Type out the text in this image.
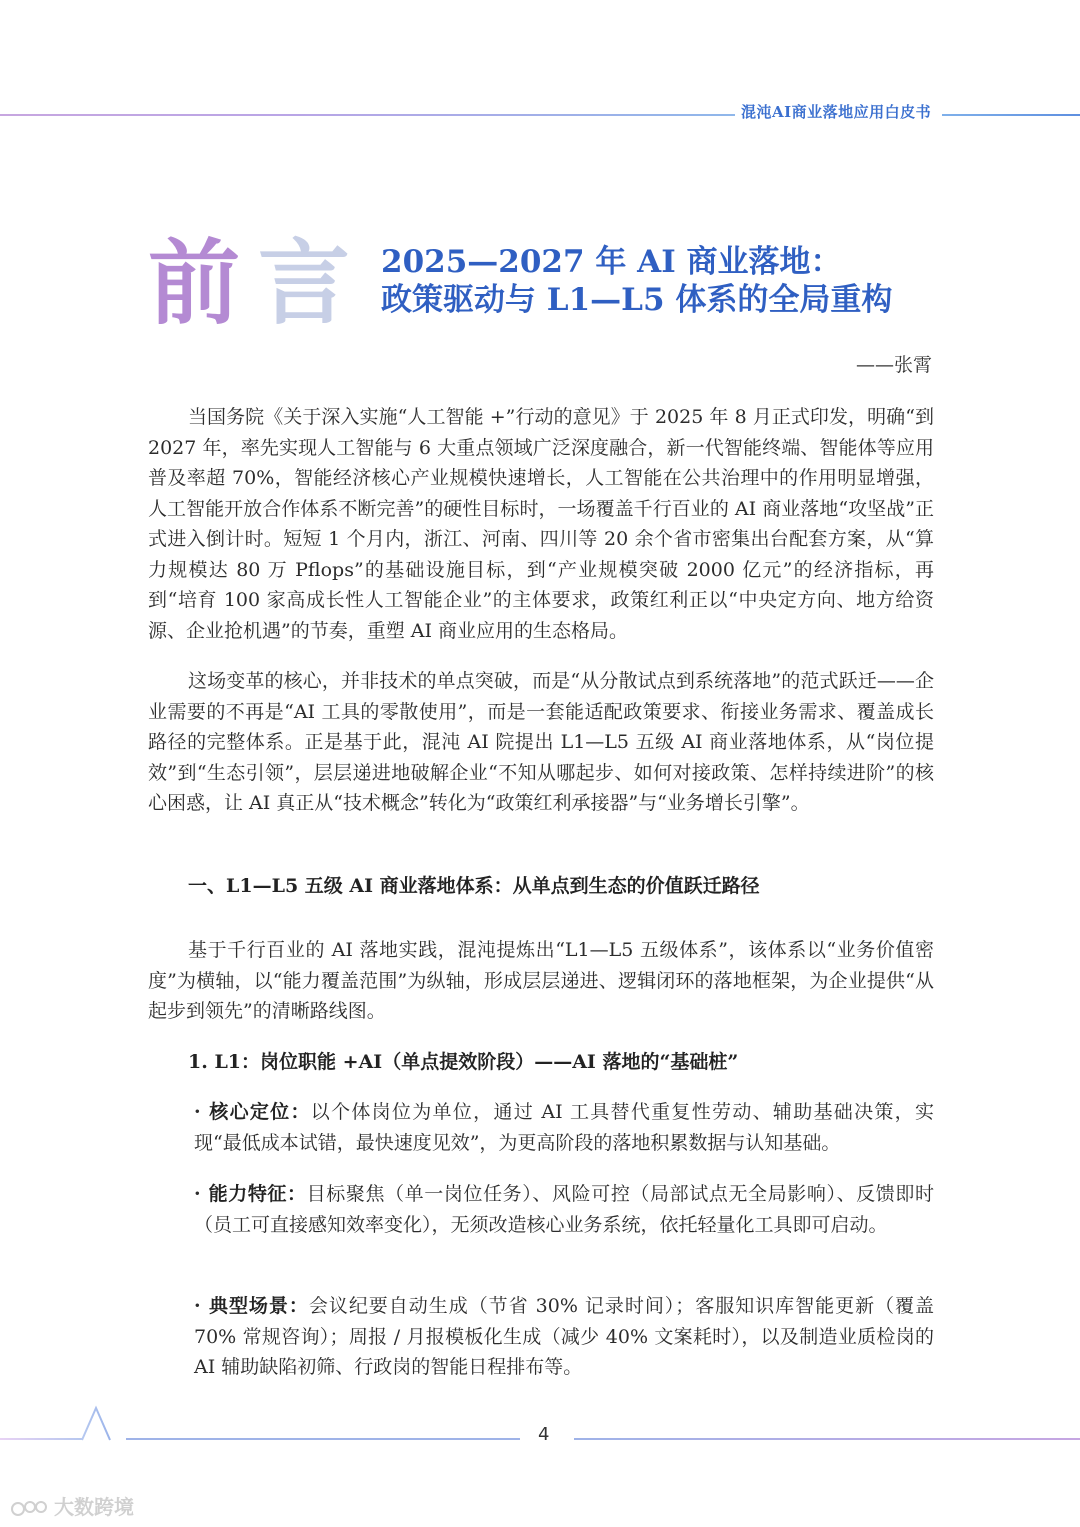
混沌AI商业落地应用白皮书
前 言 2025—2027 年 AI 商业落地：
政策驱动与 L1—L5 体系的全局重构
——张霄

当国务院《关于深入实施“人工智能 +”行动的意见》于 2025 年 8 月正式印发，明确“到 2027 年，率先实现人工智能与 6 大重点领域广泛深度融合，新一代智能终端、智能体等应用普及率超 70%，智能经济核心产业规模快速增长，人工智能在公共治理中的作用明显增强，人工智能开放合作体系不断完善”的硬性目标时，一场覆盖千行百业的 AI 商业落地“攻坚战”正式进入倒计时。短短 1 个月内，浙江、河南、四川等 20 余个省市密集出台配套方案，从“算力规模达 80 万 Pflops”的基础设施目标，到“产业规模突破 2000 亿元”的经济指标，再到“培育 100 家高成长性人工智能企业”的主体要求，政策红利正以“中央定方向、地方给资源、企业抢机遇”的节奏，重塑 AI 商业应用的生态格局。

这场变革的核心，并非技术的单点突破，而是“从分散试点到系统落地”的范式跃迁——企业需要的不再是“AI 工具的零散使用”，而是一套能适配政策要求、衔接业务需求、覆盖成长路径的完整体系。正是基于此，混沌 AI 院提出 L1—L5 五级 AI 商业落地体系，从“岗位提效”到“生态引领”，层层递进地破解企业“不知从哪起步、如何对接政策、怎样持续进阶”的核心困惑，让 AI 真正从“技术概念”转化为“政策红利承接器”与“业务增长引擎”。

一、L1—L5 五级 AI 商业落地体系：从单点到生态的价值跃迁路径

基于千行百业的 AI 落地实践，混沌提炼出“L1—L5 五级体系”，该体系以“业务价值密度”为横轴，以“能力覆盖范围”为纵轴，形成层层递进、逻辑闭环的落地框架，为企业提供“从起步到领先”的清晰路线图。

1. L1：岗位职能 +AI（单点提效阶段）——AI 落地的“基础桩”
· 核心定位：以个体岗位为单位，通过 AI 工具替代重复性劳动、辅助基础决策，实现“最低成本试错，最快速度见效”，为更高阶段的落地积累数据与认知基础。
· 能力特征：目标聚焦（单一岗位任务）、风险可控（局部试点无全局影响）、反馈即时（员工可直接感知效率变化），无须改造核心业务系统，依托轻量化工具即可启动。
· 典型场景：会议纪要自动生成（节省 30% 记录时间）；客服知识库智能更新（覆盖 70% 常规咨询）；周报 / 月报模板化生成（减少 40% 文案耗时），以及制造业质检岗的 AI 辅助缺陷初筛、行政岗的智能日程排布等。
4
大数跨境
